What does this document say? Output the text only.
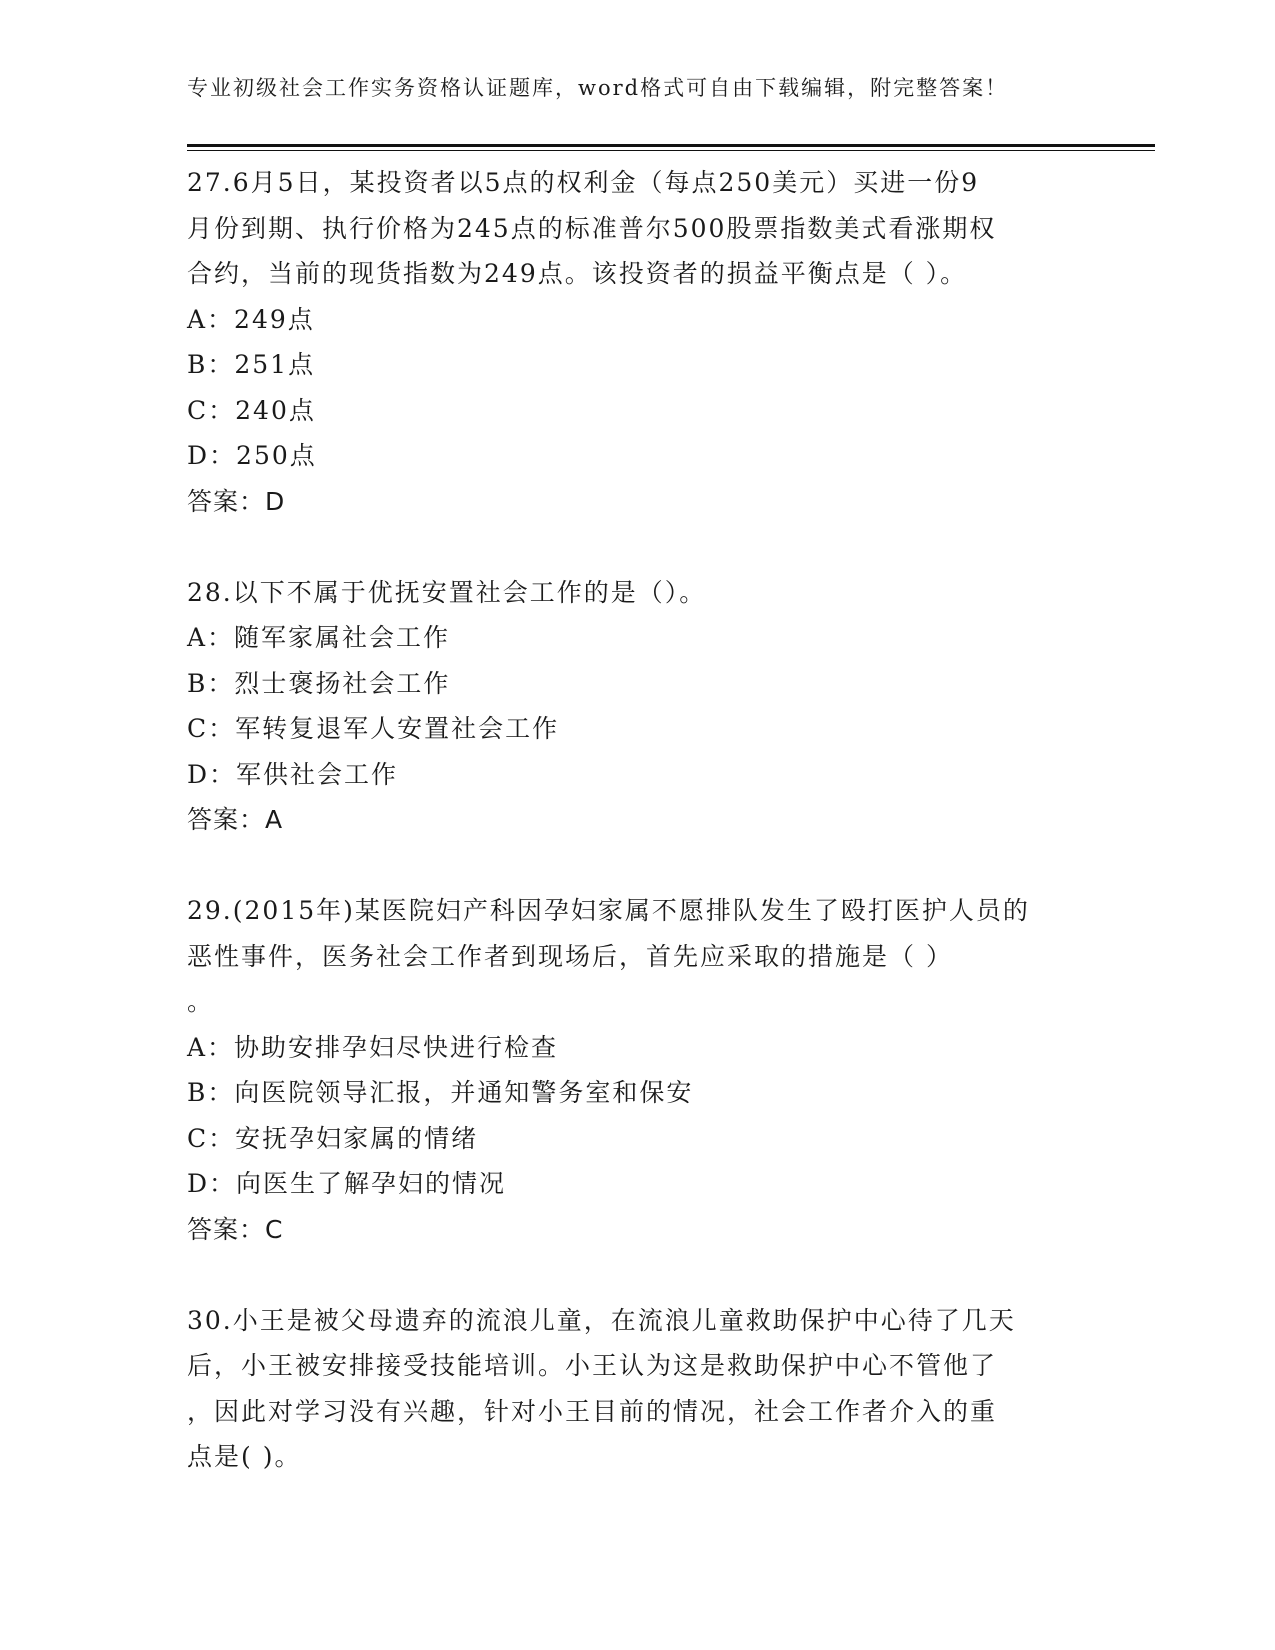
专业初级社会工作实务资格认证题库，word格式可自由下载编辑，附完整答案！

27.6月5日，某投资者以5点的权利金（每点250美元）买进一份9

月份到期、执行价格为245点的标准普尔500股票指数美式看涨期权

合约，当前的现货指数为249点。该投资者的损益平衡点是（ ）。

A：249点

B：251点

C：240点

D：250点

答案：D

28.以下不属于优抚安置社会工作的是（）。

A：随军家属社会工作

B：烈士褒扬社会工作

C：军转复退军人安置社会工作

D：军供社会工作

答案：A

29.(2015年)某医院妇产科因孕妇家属不愿排队发生了殴打医护人员的

恶性事件，医务社会工作者到现场后，首先应采取的措施是（ ）

。

A：协助安排孕妇尽快进行检查

B：向医院领导汇报，并通知警务室和保安

C：安抚孕妇家属的情绪

D：向医生了解孕妇的情况

答案：C

30.小王是被父母遗弃的流浪儿童，在流浪儿童救助保护中心待了几天

后，小王被安排接受技能培训。小王认为这是救助保护中心不管他了

，因此对学习没有兴趣，针对小王目前的情况，社会工作者介入的重

点是( )。
